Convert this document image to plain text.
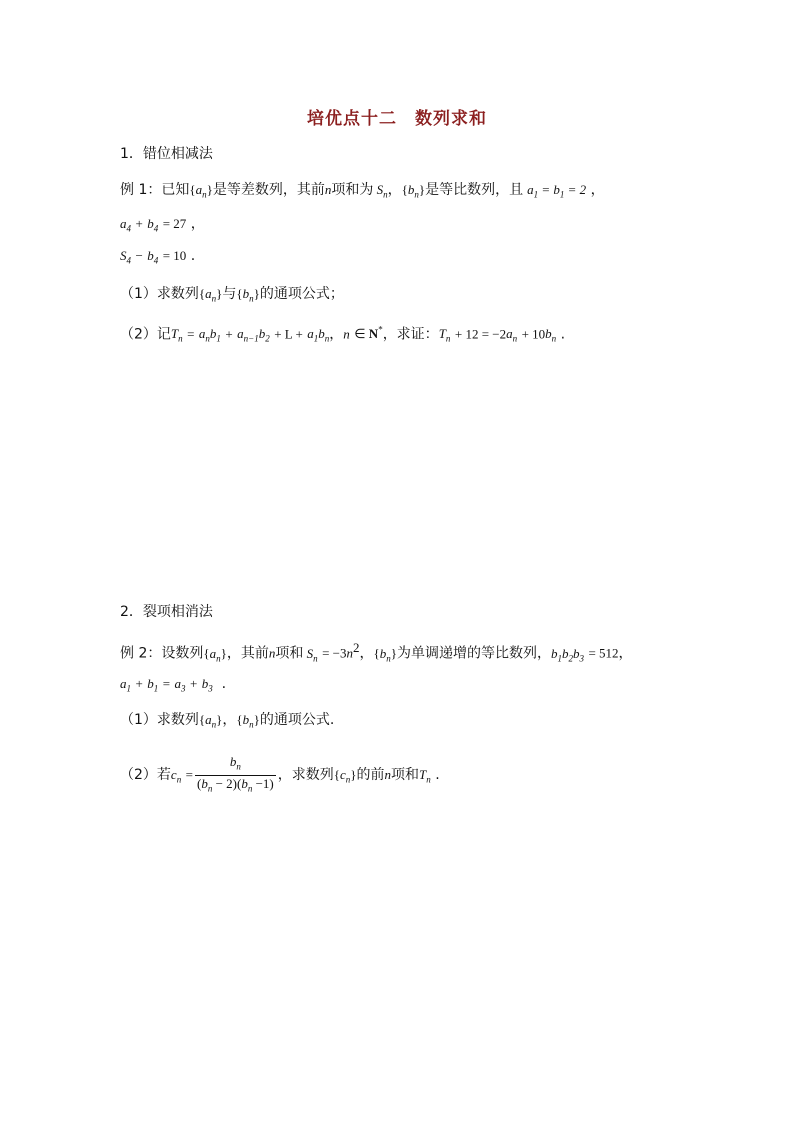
培优点十二　数列求和
1．错位相减法
例 1：已知$\{a_n\}$是等差数列，其前n项和为 $S_n$，$\{b_n\}$是等比数列，且 $a_1 = b_1 = 2$ ，
$a_4 + b_4 = 27$ ，
$S_4 - b_4 = 10$ .
（1）求数列$\{a_n\}$与$\{b_n\}$的通项公式；
（2）记$T_n = a_nb_1 + a_{n-1}b_2 + L + a_1b_n$，n ∈ N*，求证：$T_n + 12 = -2a_n + 10b_n$ .
2．裂项相消法
例 2：设数列$\{a_n\}$，其前n项和 $S_n = -3n^2$，$\{b_n\}$为单调递增的等比数列，$b_1b_2b_3 = 512$，
$a_1 + b_1 = a_3 + b_3$ .
（1）求数列$\{a_n\}$，$\{b_n\}$的通项公式.
（2）若$c_n = \frac{b_n}{(b_n - 2)(b_n -1)}$ ，求数列$\{c_n\}$的前n项和$T_n$ .
